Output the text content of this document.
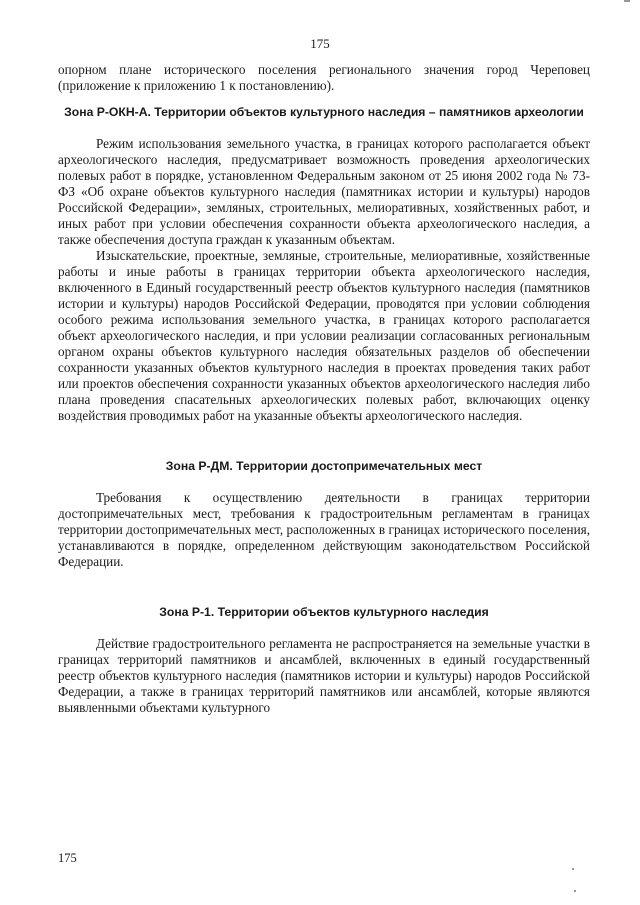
175

опорном плане исторического поселения регионального значения город Череповец (приложение к приложению 1 к постановлению).

Зона Р-ОКН-А. Территории объектов культурного наследия – памятников археологии

Режим использования земельного участка, в границах которого располагается объект археологического наследия, предусматривает возможность проведения археологических полевых работ в порядке, установленном Федеральным законом от 25 июня 2002 года № 73-ФЗ «Об охране объектов культурного наследия (памятниках истории и культуры) народов Российской Федерации», земляных, строительных, мелиоративных, хозяйственных работ, и иных работ при условии обеспечения сохранности объекта археологического наследия, а также обеспечения доступа граждан к указанным объектам.

Изыскательские, проектные, земляные, строительные, мелиоративные, хозяйственные работы и иные работы в границах территории объекта археологического наследия, включенного в Единый государственный реестр объектов культурного наследия (памятников истории и культуры) народов Российской Федерации, проводятся при условии соблюдения особого режима использования земельного участка, в границах которого располагается объект археологического наследия, и при условии реализации согласованных региональным органом охраны объектов культурного наследия обязательных разделов об обеспечении сохранности указанных объектов культурного наследия в проектах проведения таких работ или проектов обеспечения сохранности указанных объектов археологического наследия либо плана проведения спасательных археологических полевых работ, включающих оценку воздействия проводимых работ на указанные объекты археологического наследия.

Зона Р-ДМ. Территории достопримечательных мест

Требования к осуществлению деятельности в границах территории достопримечательных мест, требования к градостроительным регламентам в границах территории достопримечательных мест, расположенных в границах исторического поселения, устанавливаются в порядке, определенном действующим законодательством Российской Федерации.

Зона Р-1. Территории объектов культурного наследия

Действие градостроительного регламента не распространяется на земельные участки в границах территорий памятников и ансамблей, включенных в единый государственный реестр объектов культурного наследия (памятников истории и культуры) народов Российской Федерации, а также в границах территорий памятников или ансамблей, которые являются выявленными объектами культурного

175
